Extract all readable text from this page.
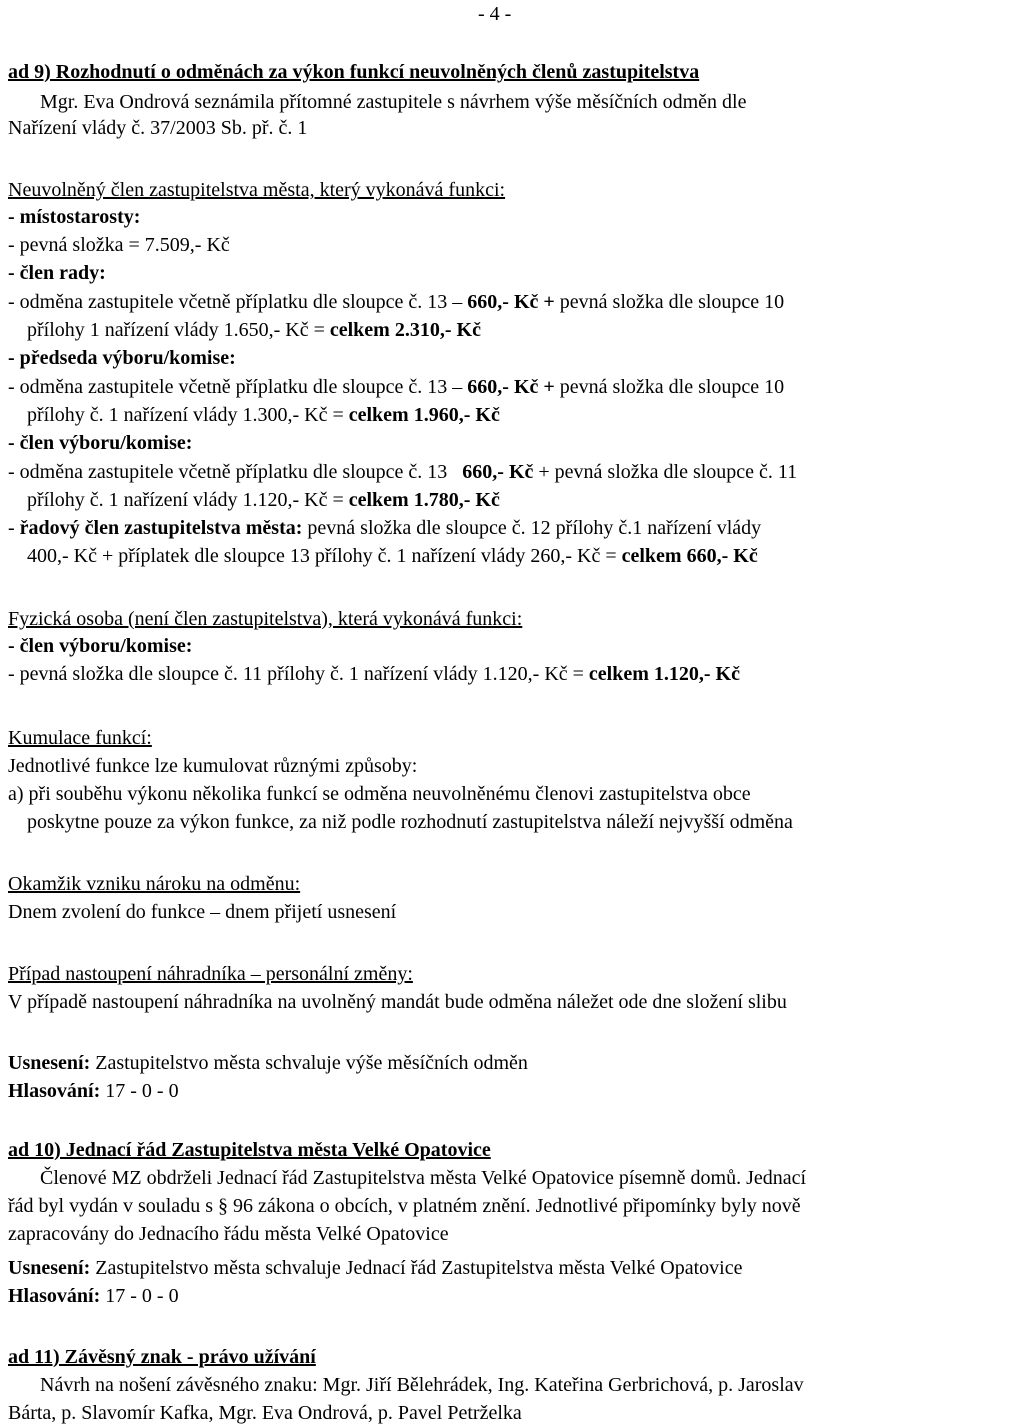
- 4 -
ad 9) Rozhodnutí o odměnách za výkon funkcí neuvolněných členů zastupitelstva
Mgr. Eva Ondrová seznámila přítomné zastupitele s návrhem výše měsíčních odměn dle
Nařízení vlády č. 37/2003 Sb. př. č. 1
Neuvolněný člen zastupitelstva města, který vykonává funkci:
- místostarosty:
- pevná složka = 7.509,- Kč
- člen rady:
- odměna zastupitele včetně příplatku dle sloupce č. 13 – 660,- Kč + pevná složka dle sloupce 10
přílohy 1 nařízení vlády 1.650,- Kč = celkem 2.310,- Kč
- předseda výboru/komise:
- odměna zastupitele včetně příplatku dle sloupce č. 13 – 660,- Kč + pevná složka dle sloupce 10
přílohy č. 1 nařízení vlády 1.300,- Kč = celkem 1.960,- Kč
- člen výboru/komise:
- odměna zastupitele včetně příplatku dle sloupce č. 13   660,- Kč + pevná složka dle sloupce č. 11
přílohy č. 1 nařízení vlády 1.120,- Kč = celkem 1.780,- Kč
- řadový člen zastupitelstva města: pevná složka dle sloupce č. 12 přílohy č.1 nařízení vlády
400,- Kč + příplatek dle sloupce 13 přílohy č. 1 nařízení vlády 260,- Kč = celkem 660,- Kč
Fyzická osoba (není člen zastupitelstva), která vykonává funkci:
- člen výboru/komise:
- pevná složka dle sloupce č. 11 přílohy č. 1 nařízení vlády 1.120,- Kč = celkem 1.120,- Kč
Kumulace funkcí:
Jednotlivé funkce lze kumulovat různými způsoby:
a) při souběhu výkonu několika funkcí se odměna neuvolněnému členovi zastupitelstva obce
poskytne pouze za výkon funkce, za niž podle rozhodnutí zastupitelstva náleží nejvyšší odměna
Okamžik vzniku nároku na odměnu:
Dnem zvolení do funkce – dnem přijetí usnesení
Případ nastoupení náhradníka – personální změny:
V případě nastoupení náhradníka na uvolněný mandát bude odměna náležet ode dne složení slibu
Usnesení: Zastupitelstvo města schvaluje výše měsíčních odměn
Hlasování: 17 - 0 - 0
ad 10) Jednací řád Zastupitelstva města Velké Opatovice
Členové MZ obdrželi Jednací řád Zastupitelstva města Velké Opatovice písemně domů. Jednací
řád byl vydán v souladu s § 96 zákona o obcích, v platném znění. Jednotlivé připomínky byly nově
zapracovány do Jednacího řádu města Velké Opatovice
Usnesení: Zastupitelstvo města schvaluje Jednací řád Zastupitelstva města Velké Opatovice
Hlasování: 17 - 0 - 0
ad 11) Závěsný znak - právo užívání
Návrh na nošení závěsného znaku: Mgr. Jiří Bělehrádek, Ing. Kateřina Gerbrichová, p. Jaroslav
Bárta, p. Slavomír Kafka, Mgr. Eva Ondrová, p. Pavel Petrželka
